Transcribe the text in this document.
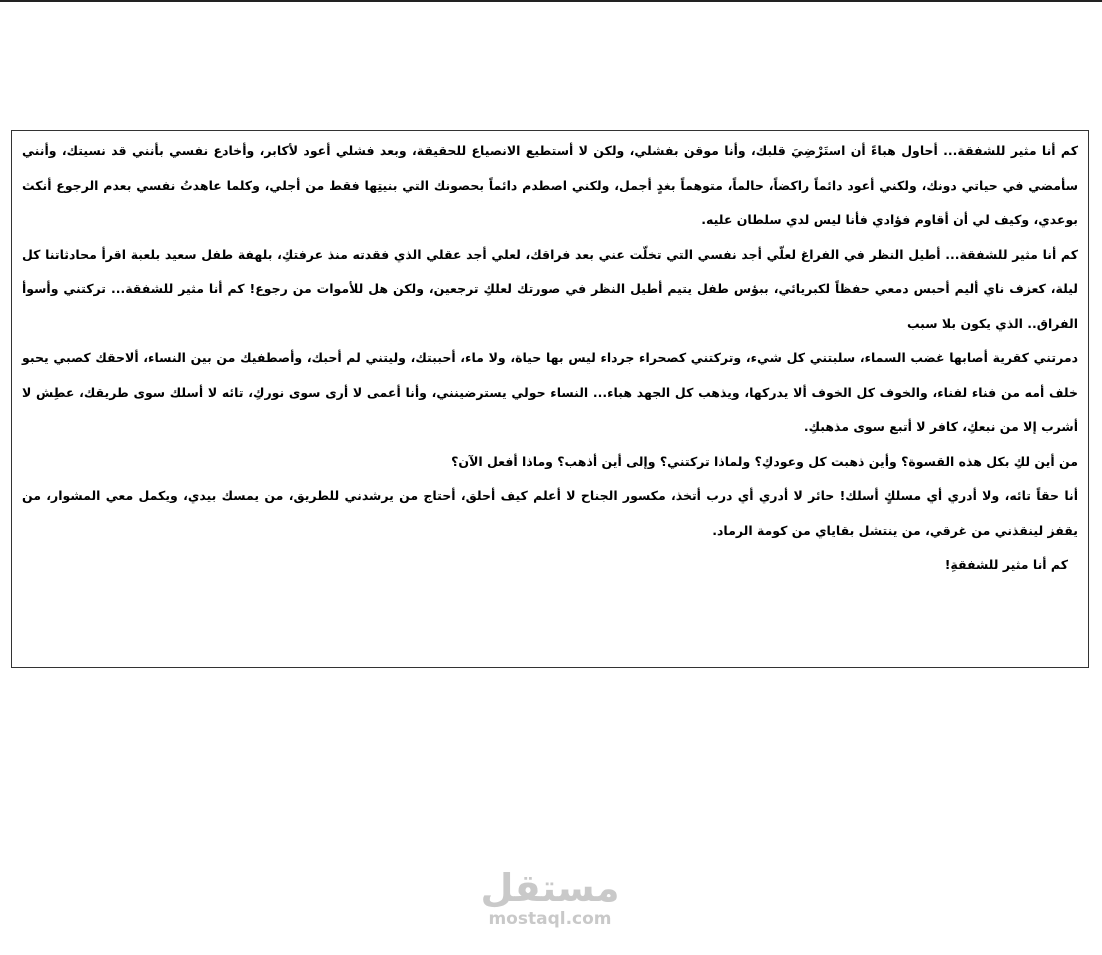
كم أنا مثير للشفقة... أحاول هباءً أن استَرْضِيَ قلبك، وأنا موقن بفشلي، ولكن لا أستطيع الانصياع للحقيقة، وبعد فشلي أعود لأكابر، وأخادع نفسي بأنني قد نسيتك، وأنني سأمضي في حياتي دونك، ولكني أعود دائماً راكضاً، حالماً، متوهماً بغدٍ أجمل، ولكني اصطدم دائماً بحصونك التي بنيتِها فقط من أجلي، وكلما عاهدتُ نفسي بعدم الرجوع أنكث بوعدي، وكيف لي أن أقاوم فؤادي فأنا ليس لدي سلطان عليه.

كم أنا مثير للشفقة... أطيل النظر في الفراغ لعلّي أجد نفسي التي تخلّت عني بعد فراقك، لعلي أجد عقلي الذي فقدته منذ عرفتكِ، بلهفة طفل سعيد بلعبة اقرأ محادثاتنا كل ليلة، كعزف ناي أليم أحبس دمعي حفظاً لكبريائي، ببؤس طفل يتيم أطيل النظر في صورتك لعلكِ ترجعين، ولكن هل للأموات من رجوع! كم أنا مثير للشفقة... تركتني وأسوأ الفراق.. الذي يكون بلا سبب

دمرتني كقرية أصابها غضب السماء، سلبتني كل شيء، وتركتني كصحراء جرداء ليس بها حياة، ولا ماء، أحببتك، وليتني لم أحبك، وأصطفيك من بين النساء، ألاحقك كصبي يحبو خلف أمه من فناء لفناء، والخوف كل الخوف ألا يدركها، ويذهب كل الجهد هباء... النساء حولي يسترضينني، وأنا أعمى لا أرى سوى نوركِ، تائه لا أسلك سوى طريقك، عطِش لا أشرب إلا من نبعكِ، كافر لا أتبع سوى مذهبكِ.

من أين لكِ بكل هذه القسوة؟ وأين ذهبت كل وعودكِ؟ ولماذا تركتني؟ وإلى أين أذهب؟ وماذا أفعل الآن؟

أنا حقاً تائه، ولا أدري أي مسلكٍ أسلك! حائر لا أدري أي درب أتخذ، مكسور الجناح لا أعلم كيف أحلق، أحتاج من يرشدني للطريق، من يمسك بيدي، ويكمل معي المشوار، من يقفز لينقذني من غرقي، من ينتشل بقاياي من كومة الرماد.

كم أنا مثير للشفقةِ!

مستقل
mostaql.com
